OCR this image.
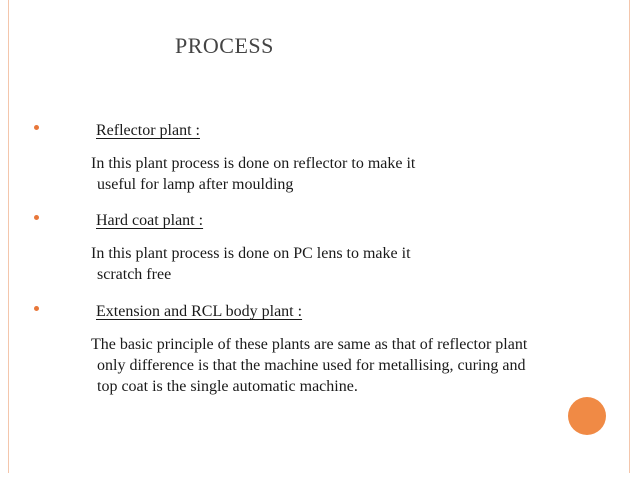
PROCESS
Reflector plant :
In this plant process is done on reflector to make it
useful for lamp after moulding
Hard coat plant :
In this plant process is done on PC lens to make it
scratch free
Extension and RCL body plant :
The basic principle of these plants are same as that of reflector plant
only difference is that the machine used for metallising, curing and
top coat is the single automatic machine.
